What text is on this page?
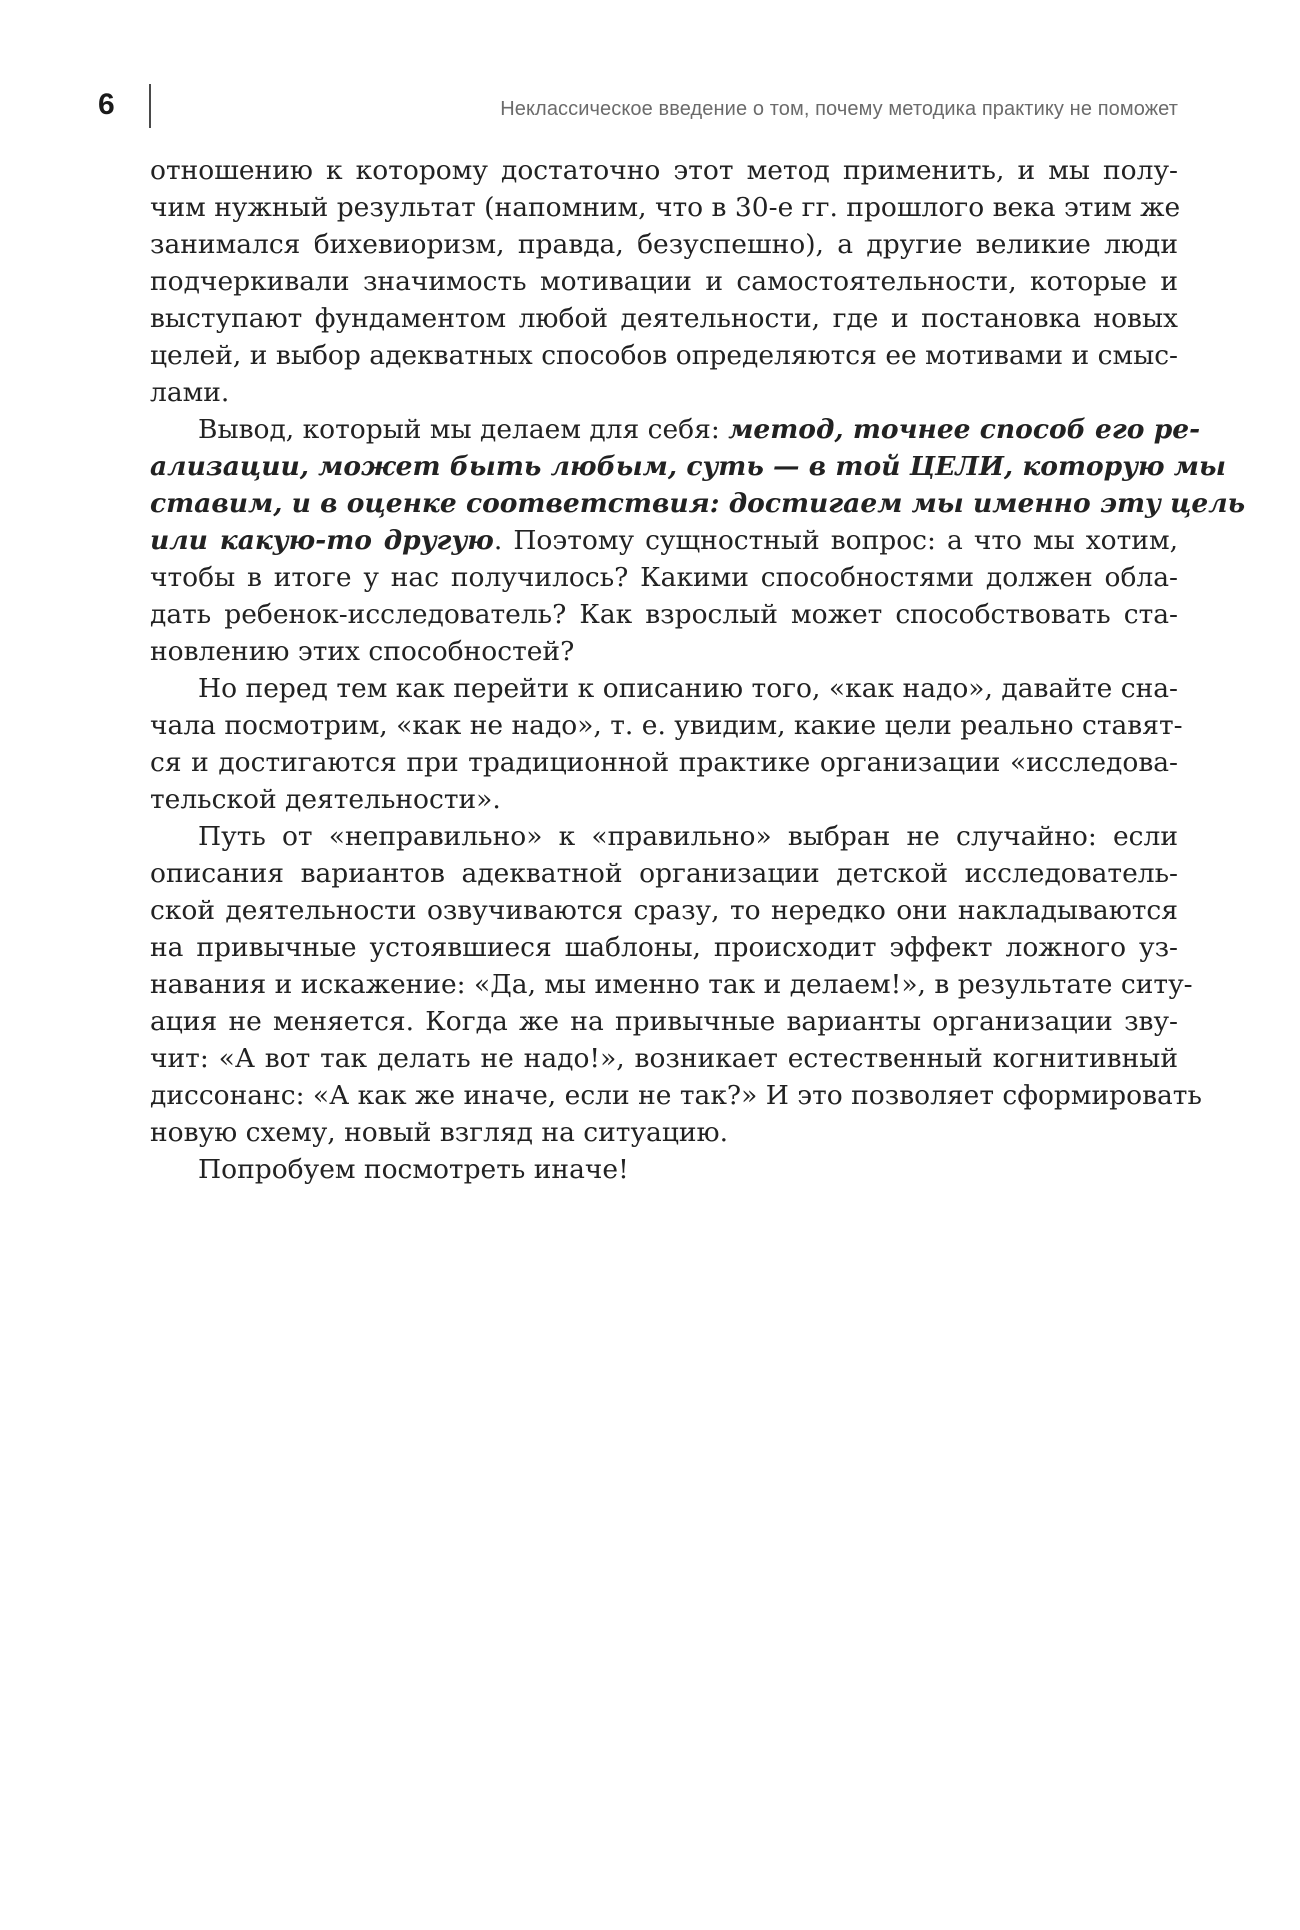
6	Неклассическое введение о том, почему методика практику не поможет
отношению к которому достаточно этот метод применить, и мы полу-
чим нужный результат (напомним, что в 30-е гг. прошлого века этим же
занимался бихевиоризм, правда, безуспешно), а другие великие люди
подчеркивали значимость мотивации и самостоятельности, которые и
выступают фундаментом любой деятельности, где и постановка новых
целей, и выбор адекватных способов определяются ее мотивами и смыс-
лами.
Вывод, который мы делаем для себя: метод, точнее способ его ре-
ализации, может быть любым, суть — в той ЦЕЛИ, которую мы
ставим, и в оценке соответствия: достигаем мы именно эту цель
или какую-то другую. Поэтому сущностный вопрос: а что мы хотим,
чтобы в итоге у нас получилось? Какими способностями должен обла-
дать ребенок-исследователь? Как взрослый может способствовать ста-
новлению этих способностей?
Но перед тем как перейти к описанию того, «как надо», давайте сна-
чала посмотрим, «как не надо», т. е. увидим, какие цели реально ставят-
ся и достигаются при традиционной практике организации «исследова-
тельской деятельности».
Путь от «неправильно» к «правильно» выбран не случайно: если
описания вариантов адекватной организации детской исследователь-
ской деятельности озвучиваются сразу, то нередко они накладываются
на привычные устоявшиеся шаблоны, происходит эффект ложного уз-
навания и искажение: «Да, мы именно так и делаем!», в результате ситу-
ация не меняется. Когда же на привычные варианты организации зву-
чит: «А вот так делать не надо!», возникает естественный когнитивный
диссонанс: «А как же иначе, если не так?» И это позволяет сформировать
новую схему, новый взгляд на ситуацию.
Попробуем посмотреть иначе!
